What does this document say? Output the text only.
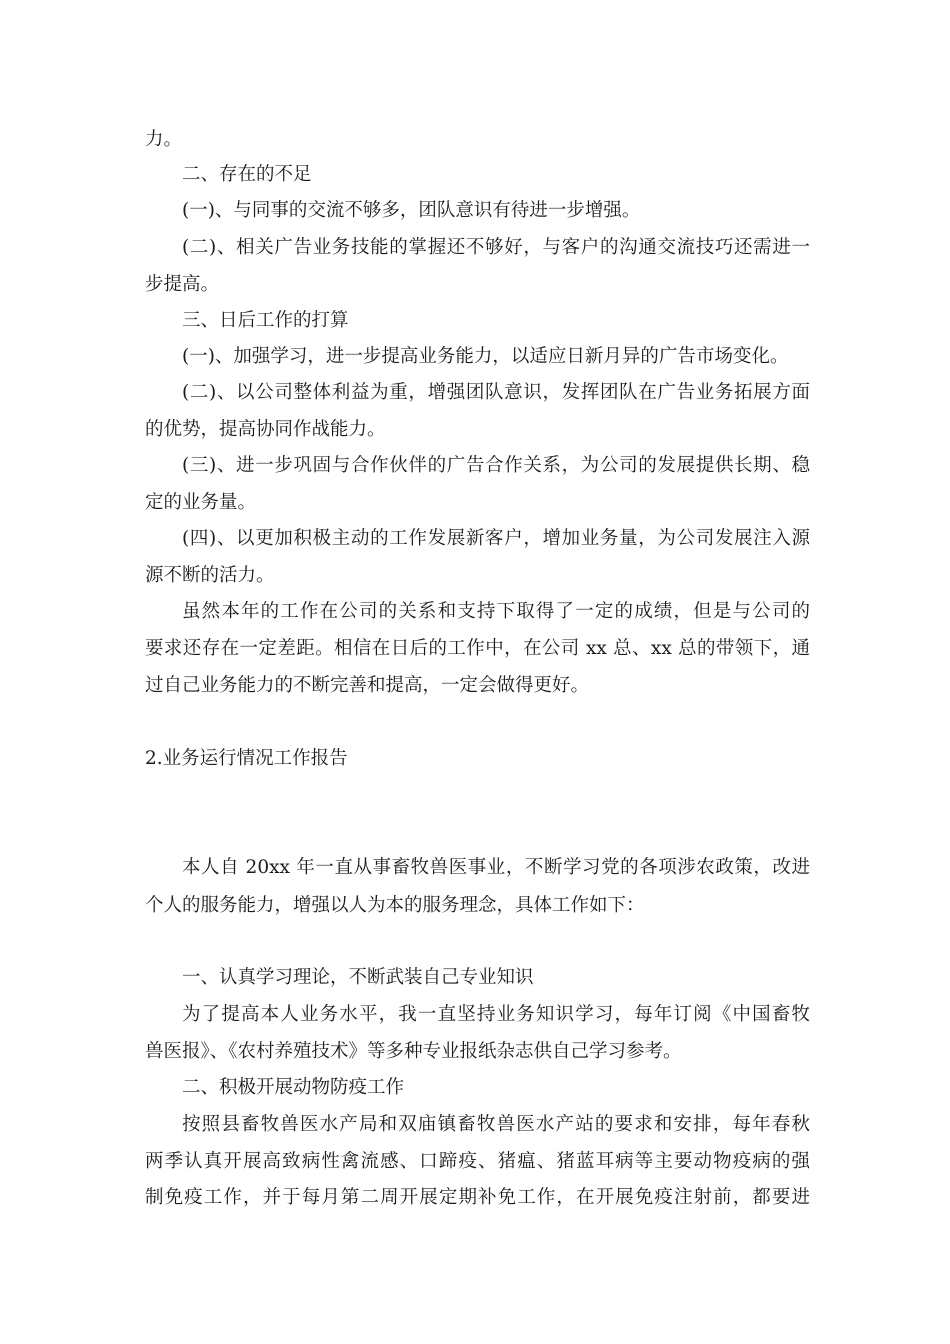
力。
二、存在的不足
(一)、与同事的交流不够多，团队意识有待进一步增强。
(二)、相关广告业务技能的掌握还不够好，与客户的沟通交流技巧还需进一
步提高。
三、日后工作的打算
(一)、加强学习，进一步提高业务能力，以适应日新月异的广告市场变化。
(二)、以公司整体利益为重，增强团队意识，发挥团队在广告业务拓展方面
的优势，提高协同作战能力。
(三)、进一步巩固与合作伙伴的广告合作关系，为公司的发展提供长期、稳
定的业务量。
(四)、以更加积极主动的工作发展新客户，增加业务量，为公司发展注入源
源不断的活力。
虽然本年的工作在公司的关系和支持下取得了一定的成绩，但是与公司的
要求还存在一定差距。相信在日后的工作中，在公司 xx 总、xx 总的带领下，通
过自己业务能力的不断完善和提高，一定会做得更好。
2.业务运行情况工作报告
本人自 20xx 年一直从事畜牧兽医事业，不断学习党的各项涉农政策，改进
个人的服务能力，增强以人为本的服务理念，具体工作如下：
一、认真学习理论，不断武装自己专业知识
为了提高本人业务水平，我一直坚持业务知识学习，每年订阅《中国畜牧
兽医报》、《农村养殖技术》等多种专业报纸杂志供自己学习参考。
二、积极开展动物防疫工作
按照县畜牧兽医水产局和双庙镇畜牧兽医水产站的要求和安排，每年春秋
两季认真开展高致病性禽流感、口蹄疫、猪瘟、猪蓝耳病等主要动物疫病的强
制免疫工作，并于每月第二周开展定期补免工作，在开展免疫注射前，都要进
